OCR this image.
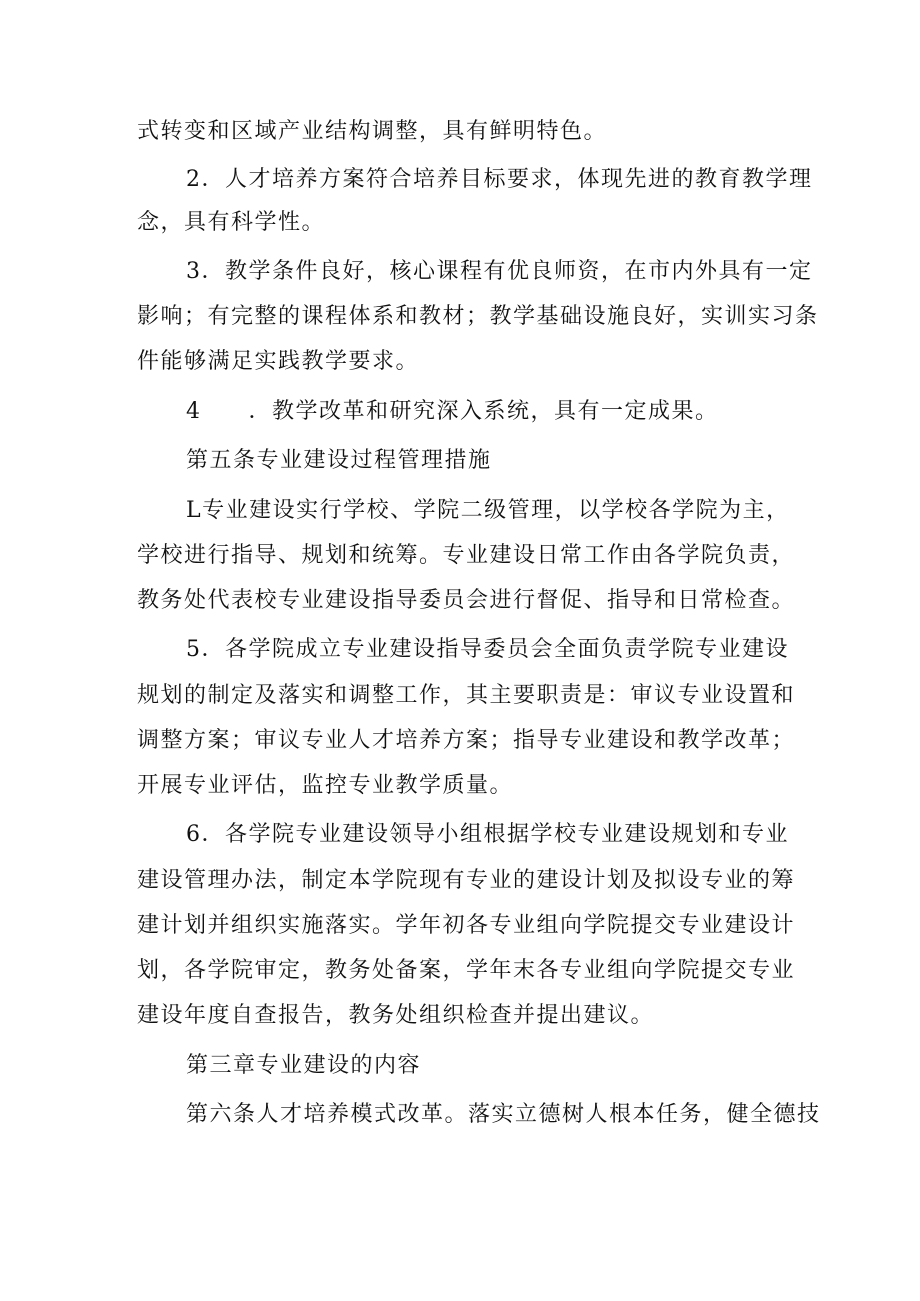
式转变和区域产业结构调整，具有鲜明特色。
2．人才培养方案符合培养目标要求，体现先进的教育教学理
念，具有科学性。
3．教学条件良好，核心课程有优良师资，在市内外具有一定
影响；有完整的课程体系和教材；教学基础设施良好，实训实习条
件能够满足实践教学要求。
4　　．教学改革和研究深入系统，具有一定成果。
第五条专业建设过程管理措施
L专业建设实行学校、学院二级管理，以学校各学院为主，
学校进行指导、规划和统筹。专业建设日常工作由各学院负责，
教务处代表校专业建设指导委员会进行督促、指导和日常检查。
5．各学院成立专业建设指导委员会全面负责学院专业建设
规划的制定及落实和调整工作，其主要职责是：审议专业设置和
调整方案；审议专业人才培养方案；指导专业建设和教学改革；
开展专业评估，监控专业教学质量。
6．各学院专业建设领导小组根据学校专业建设规划和专业
建设管理办法，制定本学院现有专业的建设计划及拟设专业的筹
建计划并组织实施落实。学年初各专业组向学院提交专业建设计
划，各学院审定，教务处备案，学年末各专业组向学院提交专业
建设年度自查报告，教务处组织检查并提出建议。
第三章专业建设的内容
第六条人才培养模式改革。落实立德树人根本任务，健全德技
